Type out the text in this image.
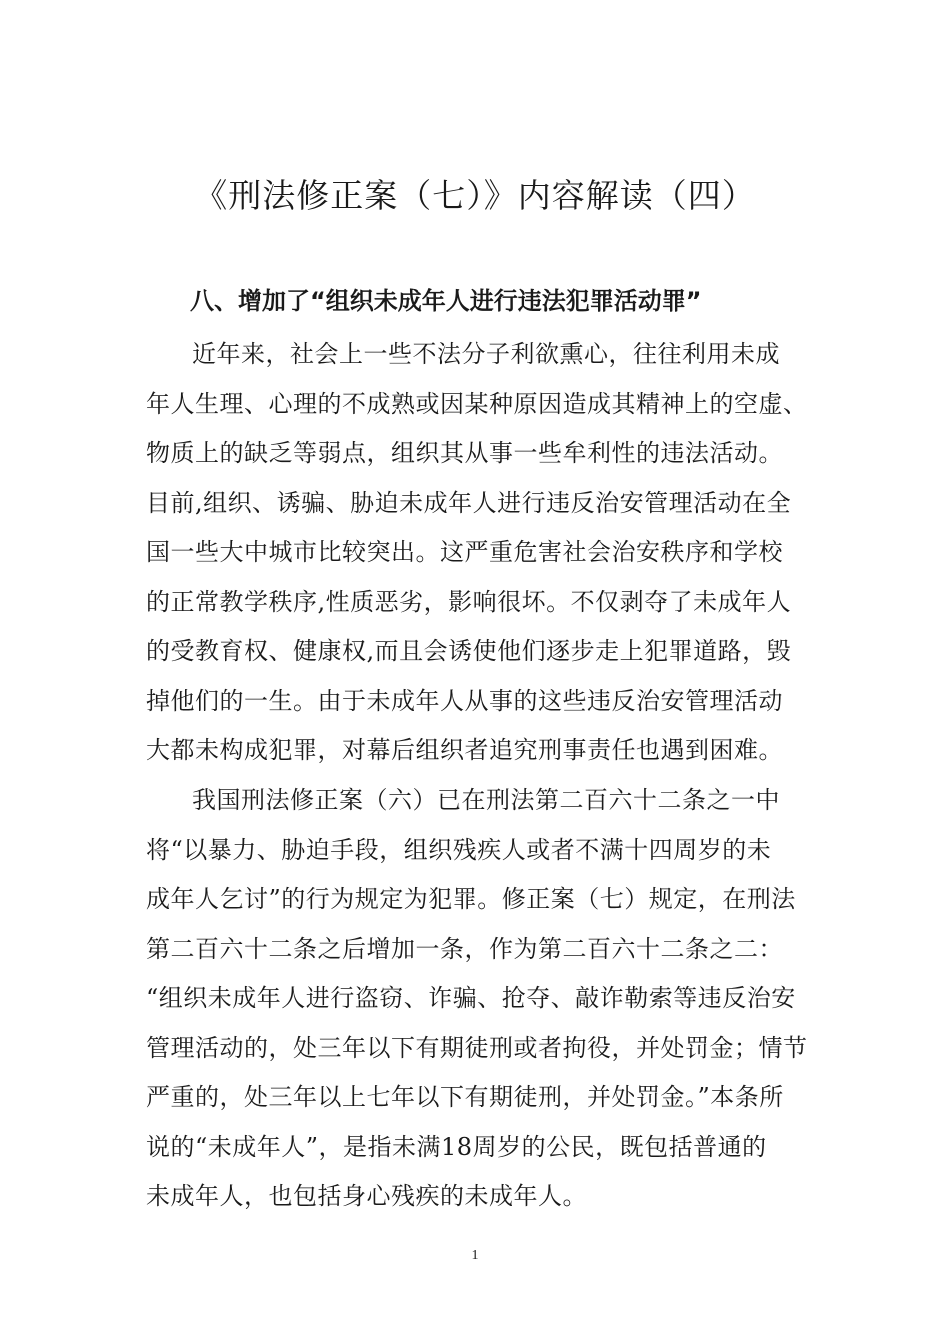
《刑法修正案（七）》内容解读（四）
八、增加了“组织未成年人进行违法犯罪活动罪”
近年来，社会上一些不法分子利欲熏心，往往利用未成
年人生理、心理的不成熟或因某种原因造成其精神上的空虚、
物质上的缺乏等弱点，组织其从事一些牟利性的违法活动。
目前,组织、诱骗、胁迫未成年人进行违反治安管理活动在全
国一些大中城市比较突出。这严重危害社会治安秩序和学校
的正常教学秩序,性质恶劣，影响很坏。不仅剥夺了未成年人
的受教育权、健康权,而且会诱使他们逐步走上犯罪道路，毁
掉他们的一生。由于未成年人从事的这些违反治安管理活动
大都未构成犯罪，对幕后组织者追究刑事责任也遇到困难。
我国刑法修正案（六）已在刑法第二百六十二条之一中
将“以暴力、胁迫手段，组织残疾人或者不满十四周岁的未
成年人乞讨”的行为规定为犯罪。修正案（七）规定，在刑法
第二百六十二条之后增加一条，作为第二百六十二条之二：
“组织未成年人进行盗窃、诈骗、抢夺、敲诈勒索等违反治安
管理活动的，处三年以下有期徒刑或者拘役，并处罚金；情节
严重的，处三年以上七年以下有期徒刑，并处罚金。”本条所
说的“未成年人”，是指未满18周岁的公民，既包括普通的
未成年人，也包括身心残疾的未成年人。
1
